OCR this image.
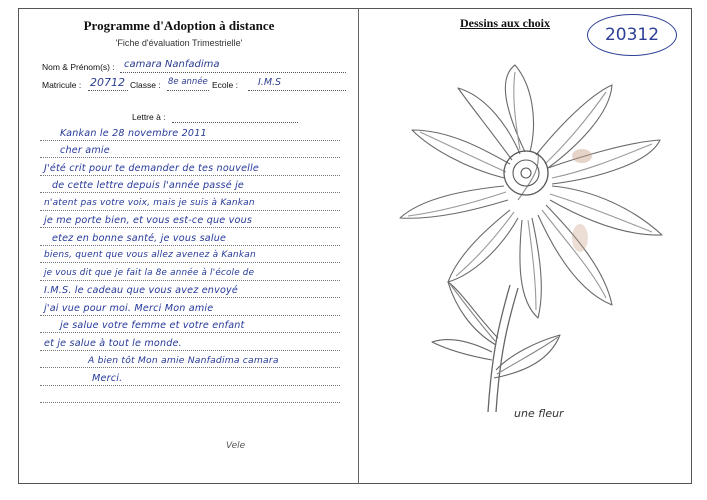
Programme d'Adoption à distance
'Fiche d'évaluation Trimestrielle'
Nom & Prénom(s) : camara Nanfadima
Matricule : 20712 Classe : 8e année Ecole : I.M.S
Lettre à :
Kankan le 28 novembre 2011
cher amie
J'été crit pour te demander de tes nouvelle
de cette lettre depuis l'année passé je
n'atent pas votre voix, mais je suis à Kankan
je me porte bien, et vous est-ce que vous
etez en bonne santé, je vous salue
biens, quent que vous allez avenez à Kankan
je vous dit que je fait la 8e année à l'école de
I.M.S. le cadeau que vous avez envoyé
j'ai vue pour moi. Merci Mon amie
je salue votre femme et votre enfant
et je salue à tout le monde.
A bien tôt Mon amie Nanfadima camara
Merci.
Vele
Dessins aux choix
20312
une fleur
